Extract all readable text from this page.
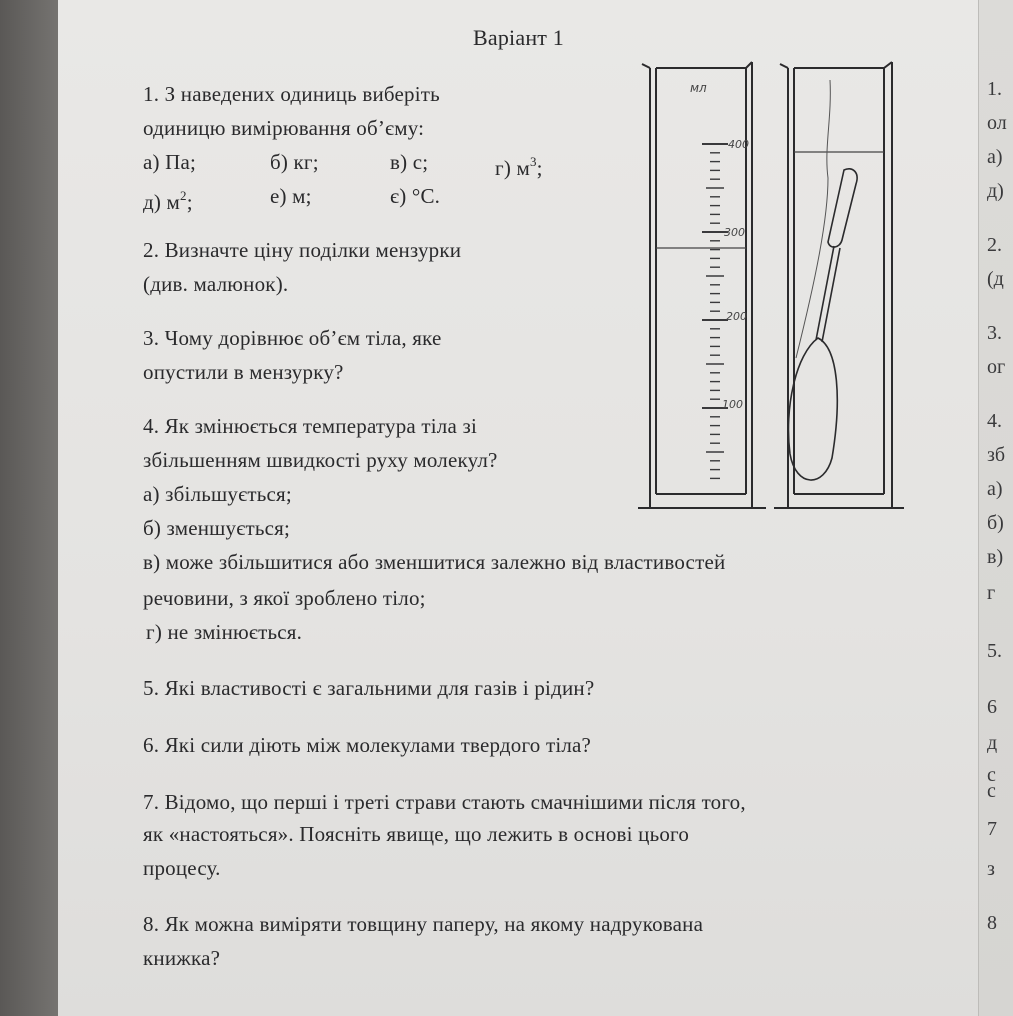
Варіант 1
1. З наведених одиниць виберіть
одиницю вимірювання об’єму:
а) Па;	б) кг;	в) с;	г) $м^3$;
д) $м^2$;	е) м;	є) °С.
2. Визначте ціну поділки мензурки
(див. малюнок).
3. Чому дорівнює об’єм тіла, яке
опустили в мензурку?
4. Як змінюється температура тіла зі
збільшенням швидкості руху молекул?
а) збільшується;
б) зменшується;
в) може збільшитися або зменшитися залежно від властивостей
речовини, з якої зроблено тіло;
г) не змінюється.
5. Які властивості є загальними для газів і рідин?
6. Які сили діють між молекулами твердого тіла?
7. Відомо, що перші і треті страви стають смачнішими після того,
як «настояться». Поясніть явище, що лежить в основі цього
процесу.
8. Як можна виміряти товщину паперу, на якому надрукована
книжка?
мл
400
300
200
100
1.
ол
а)
д)
2.
(д
3.
ог
4.
зб
а)
б)
в)
г
5.
6
д
с
с
7
з
8
